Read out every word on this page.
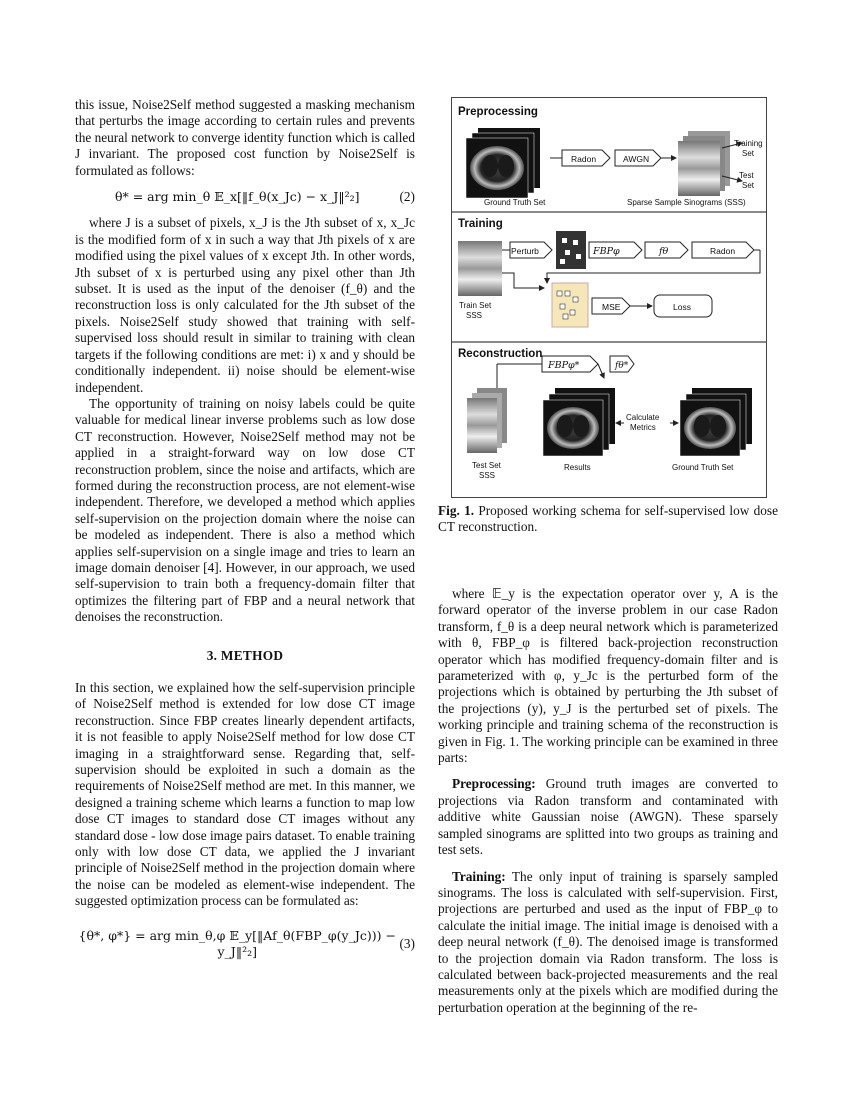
this issue, Noise2Self method suggested a masking mechanism that perturbs the image according to certain rules and prevents the neural network to converge identity function which is called J invariant. The proposed cost function by Noise2Self is formulated as follows:

θ* = arg min_θ 𝔼_x[‖f_θ(x_Jc) − x_J‖²₂]	(2)

where J is a subset of pixels, x_J is the Jth subset of x, x_Jc is the modified form of x in such a way that Jth pixels of x are modified using the pixel values of x except Jth. In other words, Jth subset of x is perturbed using any pixel other than Jth subset. It is used as the input of the denoiser (f_θ) and the reconstruction loss is only calculated for the Jth subset of the pixels. Noise2Self study showed that training with self-supervised loss should result in similar to training with clean targets if the following conditions are met: i) x and y should be conditionally independent. ii) noise should be element-wise independent.

The opportunity of training on noisy labels could be quite valuable for medical linear inverse problems such as low dose CT reconstruction. However, Noise2Self method may not be applied in a straight-forward way on low dose CT reconstruction problem, since the noise and artifacts, which are formed during the reconstruction process, are not element-wise independent. Therefore, we developed a method which applies self-supervision on the projection domain where the noise can be modeled as independent. There is also a method which applies self-supervision on a single image and tries to learn an image domain denoiser [4]. However, in our approach, we used self-supervision to train both a frequency-domain filter that optimizes the filtering part of FBP and a neural network that denoises the reconstruction.

3. METHOD

In this section, we explained how the self-supervision principle of Noise2Self method is extended for low dose CT image reconstruction. Since FBP creates linearly dependent artifacts, it is not feasible to apply Noise2Self method for low dose CT imaging in a straightforward sense. Regarding that, self-supervision should be exploited in such a domain as the requirements of Noise2Self method are met. In this manner, we designed a training scheme which learns a function to map low dose CT images to standard dose CT images without any standard dose - low dose image pairs dataset. To enable training only with low dose CT data, we applied the J invariant principle of Noise2Self method in the projection domain where the noise can be modeled as element-wise independent. The suggested optimization process can be formulated as:

{θ*, φ*} = arg min_θ,φ 𝔼_y[‖Af_θ(FBP_φ(y_Jc))) − y_J‖²₂]
(3)
Preprocessing
Ground Truth Set
Radon	AWGN
Training
Set
Test
Set
Sparse Sample Sinograms (SSS)
Training
Train Set
SSS
Perturb	FBPφ	fθ	Radon
MSE	Loss
Reconstruction
FBPφ*	fθ*
Test Set
SSS
Results
Calculate
Metrics
Ground Truth Set
Fig. 1. Proposed working schema for self-supervised low dose CT reconstruction.

where 𝔼_y is the expectation operator over y, A is the forward operator of the inverse problem in our case Radon transform, f_θ is a deep neural network which is parameterized with θ, FBP_φ is filtered back-projection reconstruction operator which has modified frequency-domain filter and is parameterized with φ, y_Jc is the perturbed form of the projections which is obtained by perturbing the Jth subset of the projections (y), y_J is the perturbed set of pixels. The working principle and training schema of the reconstruction is given in Fig. 1. The working principle can be examined in three parts:

Preprocessing: Ground truth images are converted to projections via Radon transform and contaminated with additive white Gaussian noise (AWGN). These sparsely sampled sinograms are splitted into two groups as training and test sets.

Training: The only input of training is sparsely sampled sinograms. The loss is calculated with self-supervision. First, projections are perturbed and used as the input of FBP_φ to calculate the initial image. The initial image is denoised with a deep neural network (f_θ). The denoised image is transformed to the projection domain via Radon transform. The loss is calculated between back-projected measurements and the real measurements only at the pixels which are modified during the perturbation operation at the beginning of the re-
